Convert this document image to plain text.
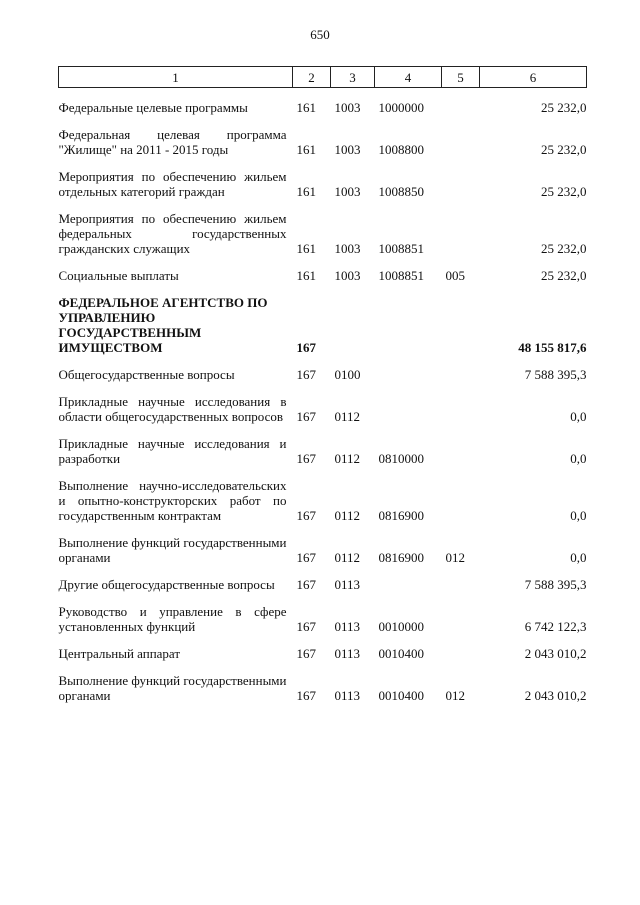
650
1	2	3	4	5	6

Федеральные целевые программы	161	1003	1000000		25 232,0

Федеральная целевая программа "Жилище" на 2011 - 2015 годы	161	1003	1008800		25 232,0

Мероприятия по обеспечению жильем отдельных категорий граждан	161	1003	1008850		25 232,0

Мероприятия по обеспечению жильем федеральных государственных гражданских служащих	161	1003	1008851		25 232,0

Социальные выплаты	161	1003	1008851	005	25 232,0

ФЕДЕРАЛЬНОЕ АГЕНТСТВО ПО УПРАВЛЕНИЮ ГОСУДАРСТВЕННЫМ ИМУЩЕСТВОМ	167				48 155 817,6

Общегосударственные вопросы	167	0100			7 588 395,3

Прикладные научные исследования в области общегосударственных вопросов	167	0112			0,0

Прикладные научные исследования и разработки	167	0112	0810000		0,0

Выполнение научно-исследовательских и опытно-конструкторских работ по государственным контрактам	167	0112	0816900		0,0

Выполнение функций государственными органами	167	0112	0816900	012	0,0

Другие общегосударственные вопросы	167	0113			7 588 395,3

Руководство и управление в сфере установленных функций	167	0113	0010000		6 742 122,3

Центральный аппарат	167	0113	0010400		2 043 010,2

Выполнение функций государственными органами	167	0113	0010400	012	2 043 010,2
